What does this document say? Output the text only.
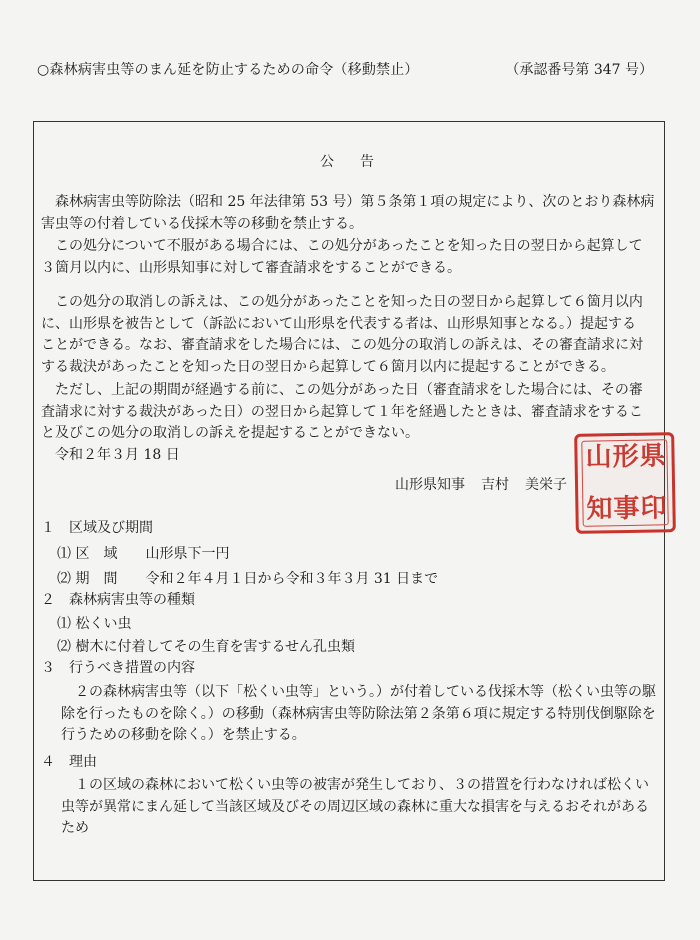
○森林病害虫等のまん延を防止するための命令（移動禁止）	（承認番号第 347 号）
公　告
森林病害虫等防除法（昭和 25 年法律第 53 号）第５条第１項の規定により、次のとおり森林病
害虫等の付着している伐採木等の移動を禁止する。
この処分について不服がある場合には、この処分があったことを知った日の翌日から起算して
３箇月以内に、山形県知事に対して審査請求をすることができる。
この処分の取消しの訴えは、この処分があったことを知った日の翌日から起算して６箇月以内
に、山形県を被告として（訴訟において山形県を代表する者は、山形県知事となる。）提起する
ことができる。なお、審査請求をした場合には、この処分の取消しの訴えは、その審査請求に対
する裁決があったことを知った日の翌日から起算して６箇月以内に提起することができる。
ただし、上記の期間が経過する前に、この処分があった日（審査請求をした場合には、その審
査請求に対する裁決があった日）の翌日から起算して１年を経過したときは、審査請求をするこ
と及びこの処分の取消しの訴えを提起することができない。
令和２年３月 18 日
山形県知事 吉村 美栄子
県
形
山
印
事
知
１　区域及び期間
⑴ 区　域　　山形県下一円
⑵ 期　間　　令和２年４月１日から令和３年３月 31 日まで
２　森林病害虫等の種類
⑴ 松くい虫
⑵ 樹木に付着してその生育を害するせん孔虫類
３　行うべき措置の内容
２の森林病害虫等（以下「松くい虫等」という。）が付着している伐採木等（松くい虫等の駆
除を行ったものを除く。）の移動（森林病害虫等防除法第２条第６項に規定する特別伐倒駆除を
行うための移動を除く。）を禁止する。
４　理由
１の区域の森林において松くい虫等の被害が発生しており、３の措置を行わなければ松くい
虫等が異常にまん延して当該区域及びその周辺区域の森林に重大な損害を与えるおそれがある
ため
